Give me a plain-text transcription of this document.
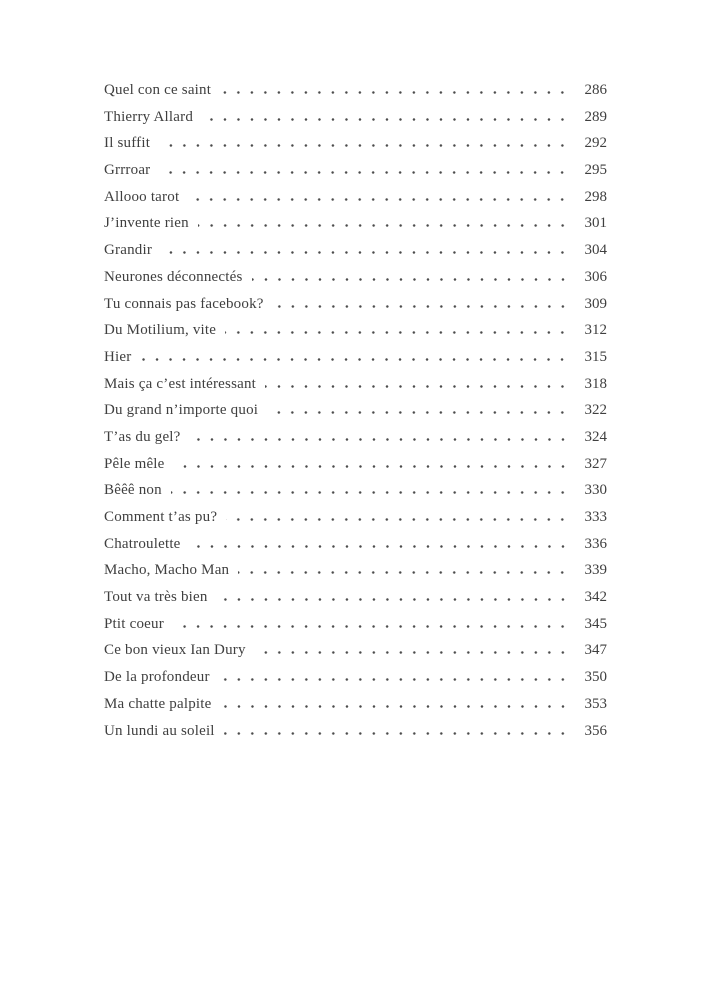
Quel con ce saint	286
Thierry Allard	289
Il suffit	292
Grrroar	295
Allooo tarot	298
J’invente rien	301
Grandir	304
Neurones déconnectés	306
Tu connais pas facebook?	309
Du Motilium, vite	312
Hier	315
Mais ça c’est intéressant	318
Du grand n’importe quoi	322
T’as du gel?	324
Pêle mêle	327
Bêêê non	330
Comment t’as pu?	333
Chatroulette	336
Macho, Macho Man	339
Tout va très bien	342
Ptit coeur	345
Ce bon vieux Ian Dury	347
De la profondeur	350
Ma chatte palpite	353
Un lundi au soleil	356
